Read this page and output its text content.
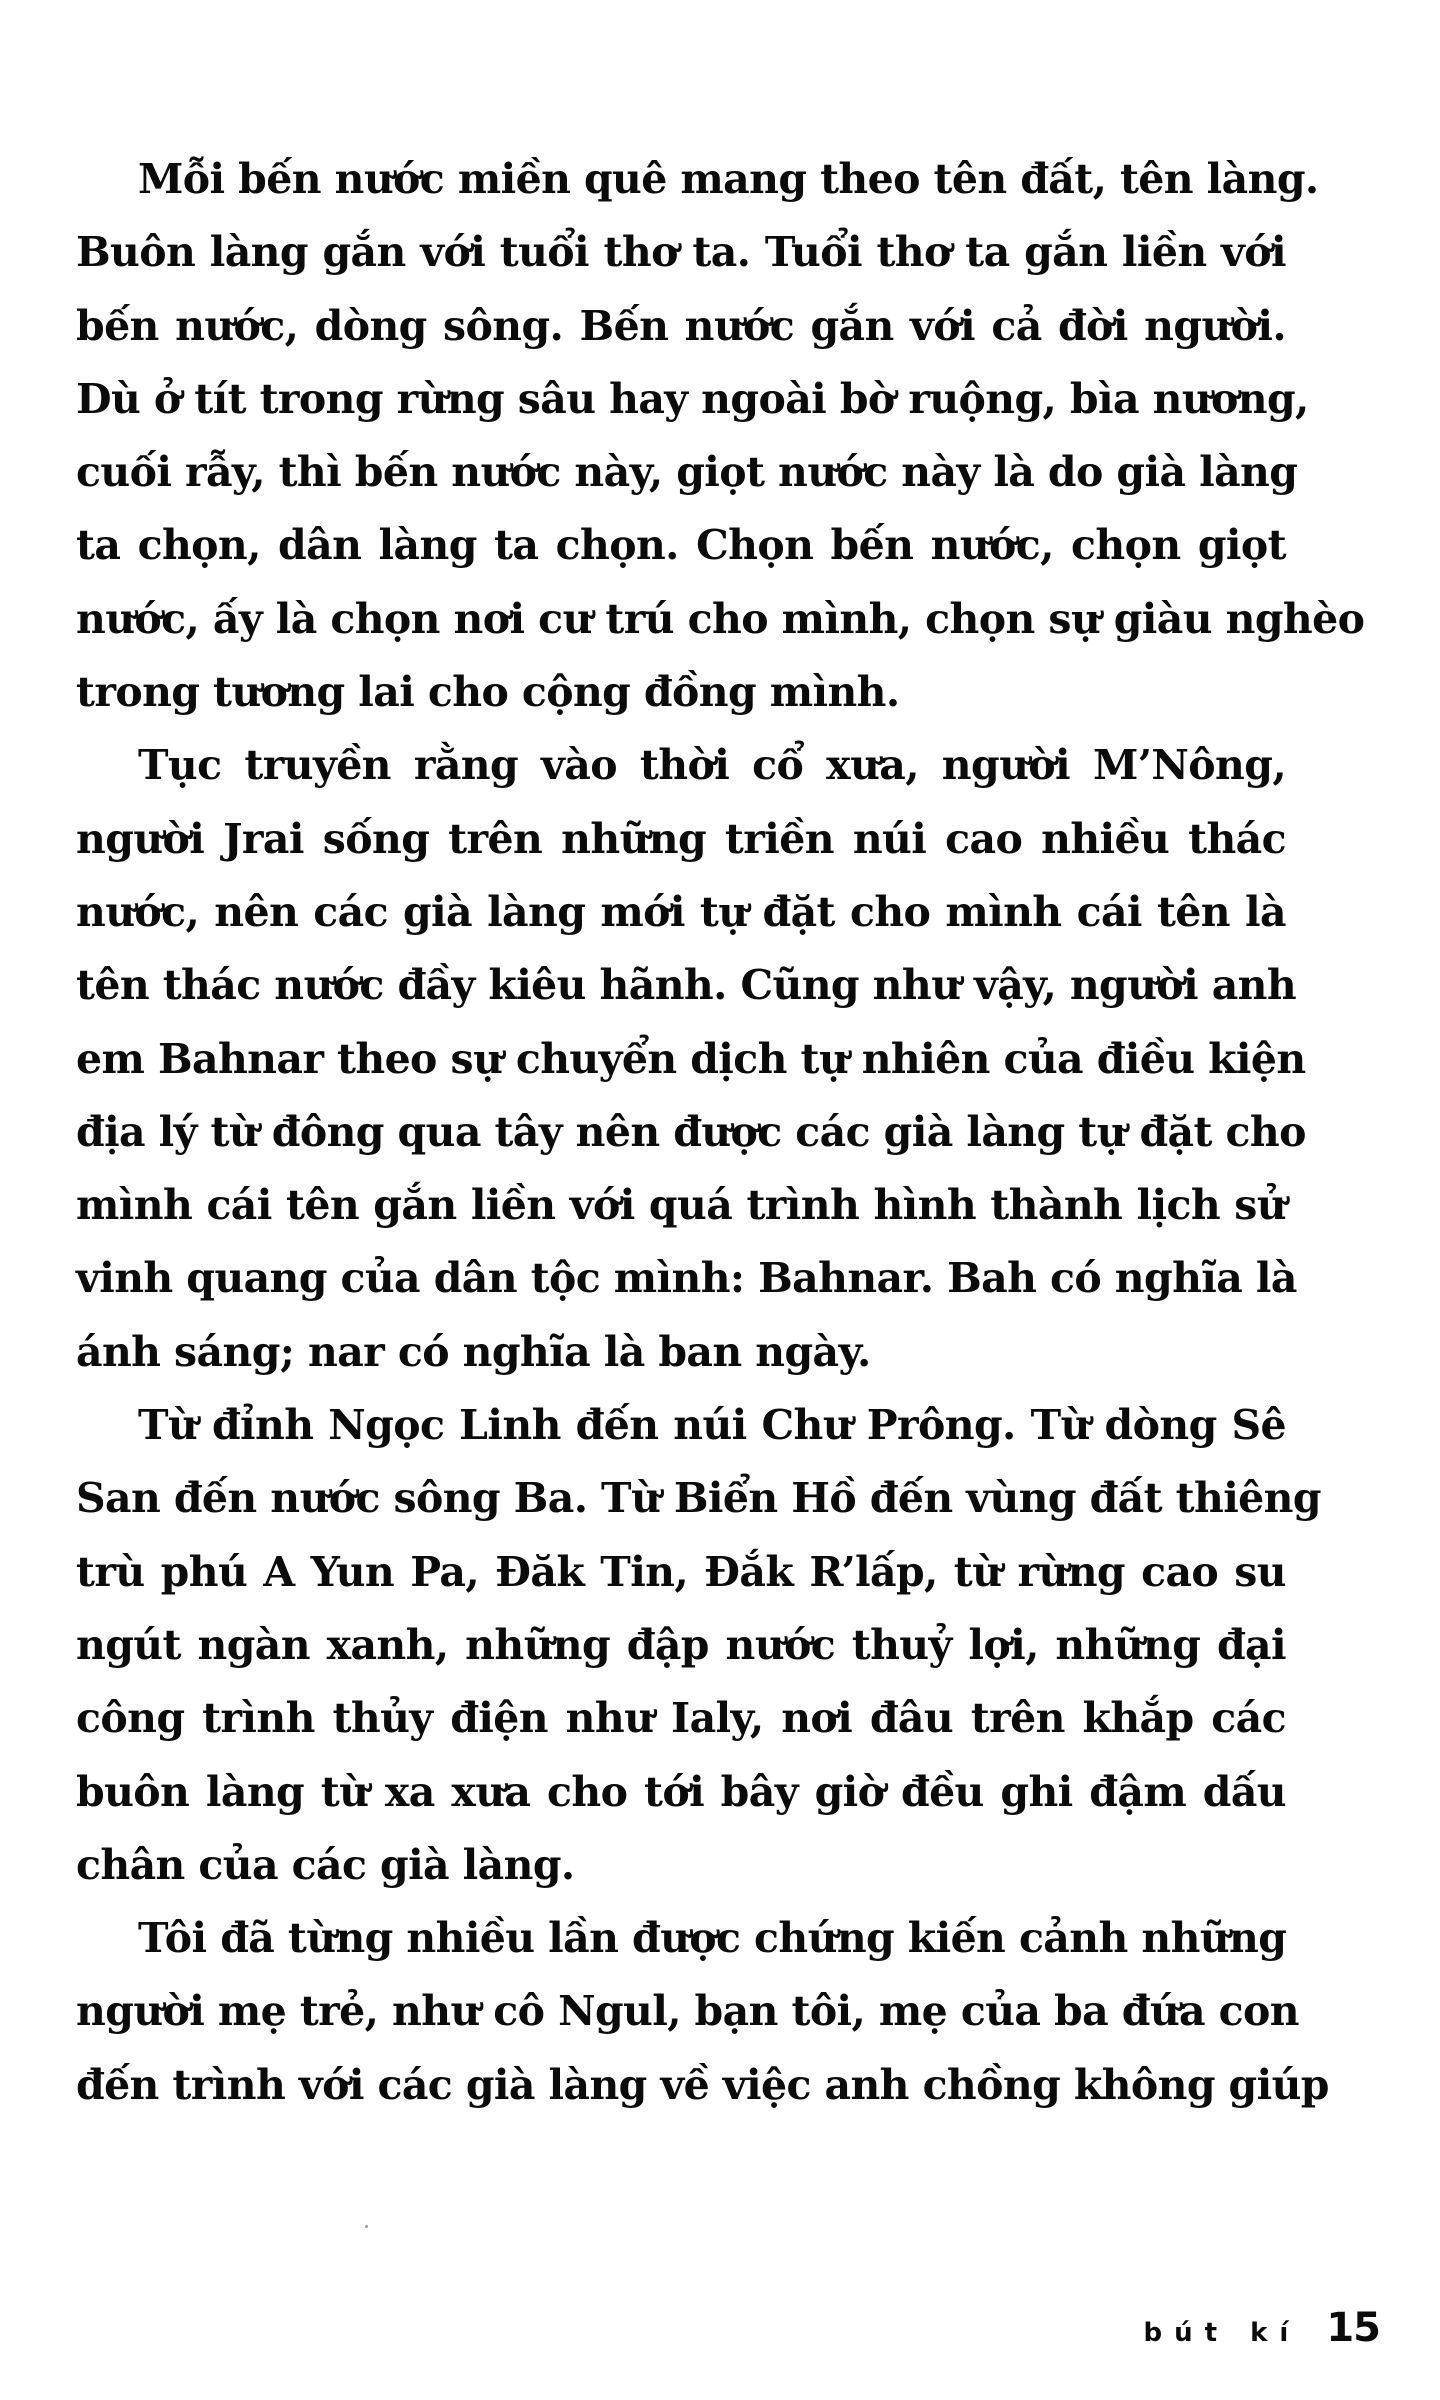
Mỗi bến nước miền quê mang theo tên đất, tên làng.
Buôn làng gắn với tuổi thơ ta. Tuổi thơ ta gắn liền với
bến nước, dòng sông. Bến nước gắn với cả đời người.
Dù ở tít trong rừng sâu hay ngoài bờ ruộng, bìa nương,
cuối rẫy, thì bến nước này, giọt nước này là do già làng
ta chọn, dân làng ta chọn. Chọn bến nước, chọn giọt
nước, ấy là chọn nơi cư trú cho mình, chọn sự giàu nghèo
trong tương lai cho cộng đồng mình.

Tục truyền rằng vào thời cổ xưa, người M’Nông,
người Jrai sống trên những triền núi cao nhiều thác
nước, nên các già làng mới tự đặt cho mình cái tên là
tên thác nước đầy kiêu hãnh. Cũng như vậy, người anh
em Bahnar theo sự chuyển dịch tự nhiên của điều kiện
địa lý từ đông qua tây nên được các già làng tự đặt cho
mình cái tên gắn liền với quá trình hình thành lịch sử
vinh quang của dân tộc mình: Bahnar. Bah có nghĩa là
ánh sáng; nar có nghĩa là ban ngày.

Từ đỉnh Ngọc Linh đến núi Chư Prông. Từ dòng Sê
San đến nước sông Ba. Từ Biển Hồ đến vùng đất thiêng
trù phú A Yun Pa, Đăk Tin, Đắk R’lấp, từ rừng cao su
ngút ngàn xanh, những đập nước thuỷ lợi, những đại
công trình thủy điện như Ialy, nơi đâu trên khắp các
buôn làng từ xa xưa cho tới bây giờ đều ghi đậm dấu
chân của các già làng.

Tôi đã từng nhiều lần được chứng kiến cảnh những
người mẹ trẻ, như cô Ngul, bạn tôi, mẹ của ba đứa con
đến trình với các già làng về việc anh chồng không giúp

bút kí 15
